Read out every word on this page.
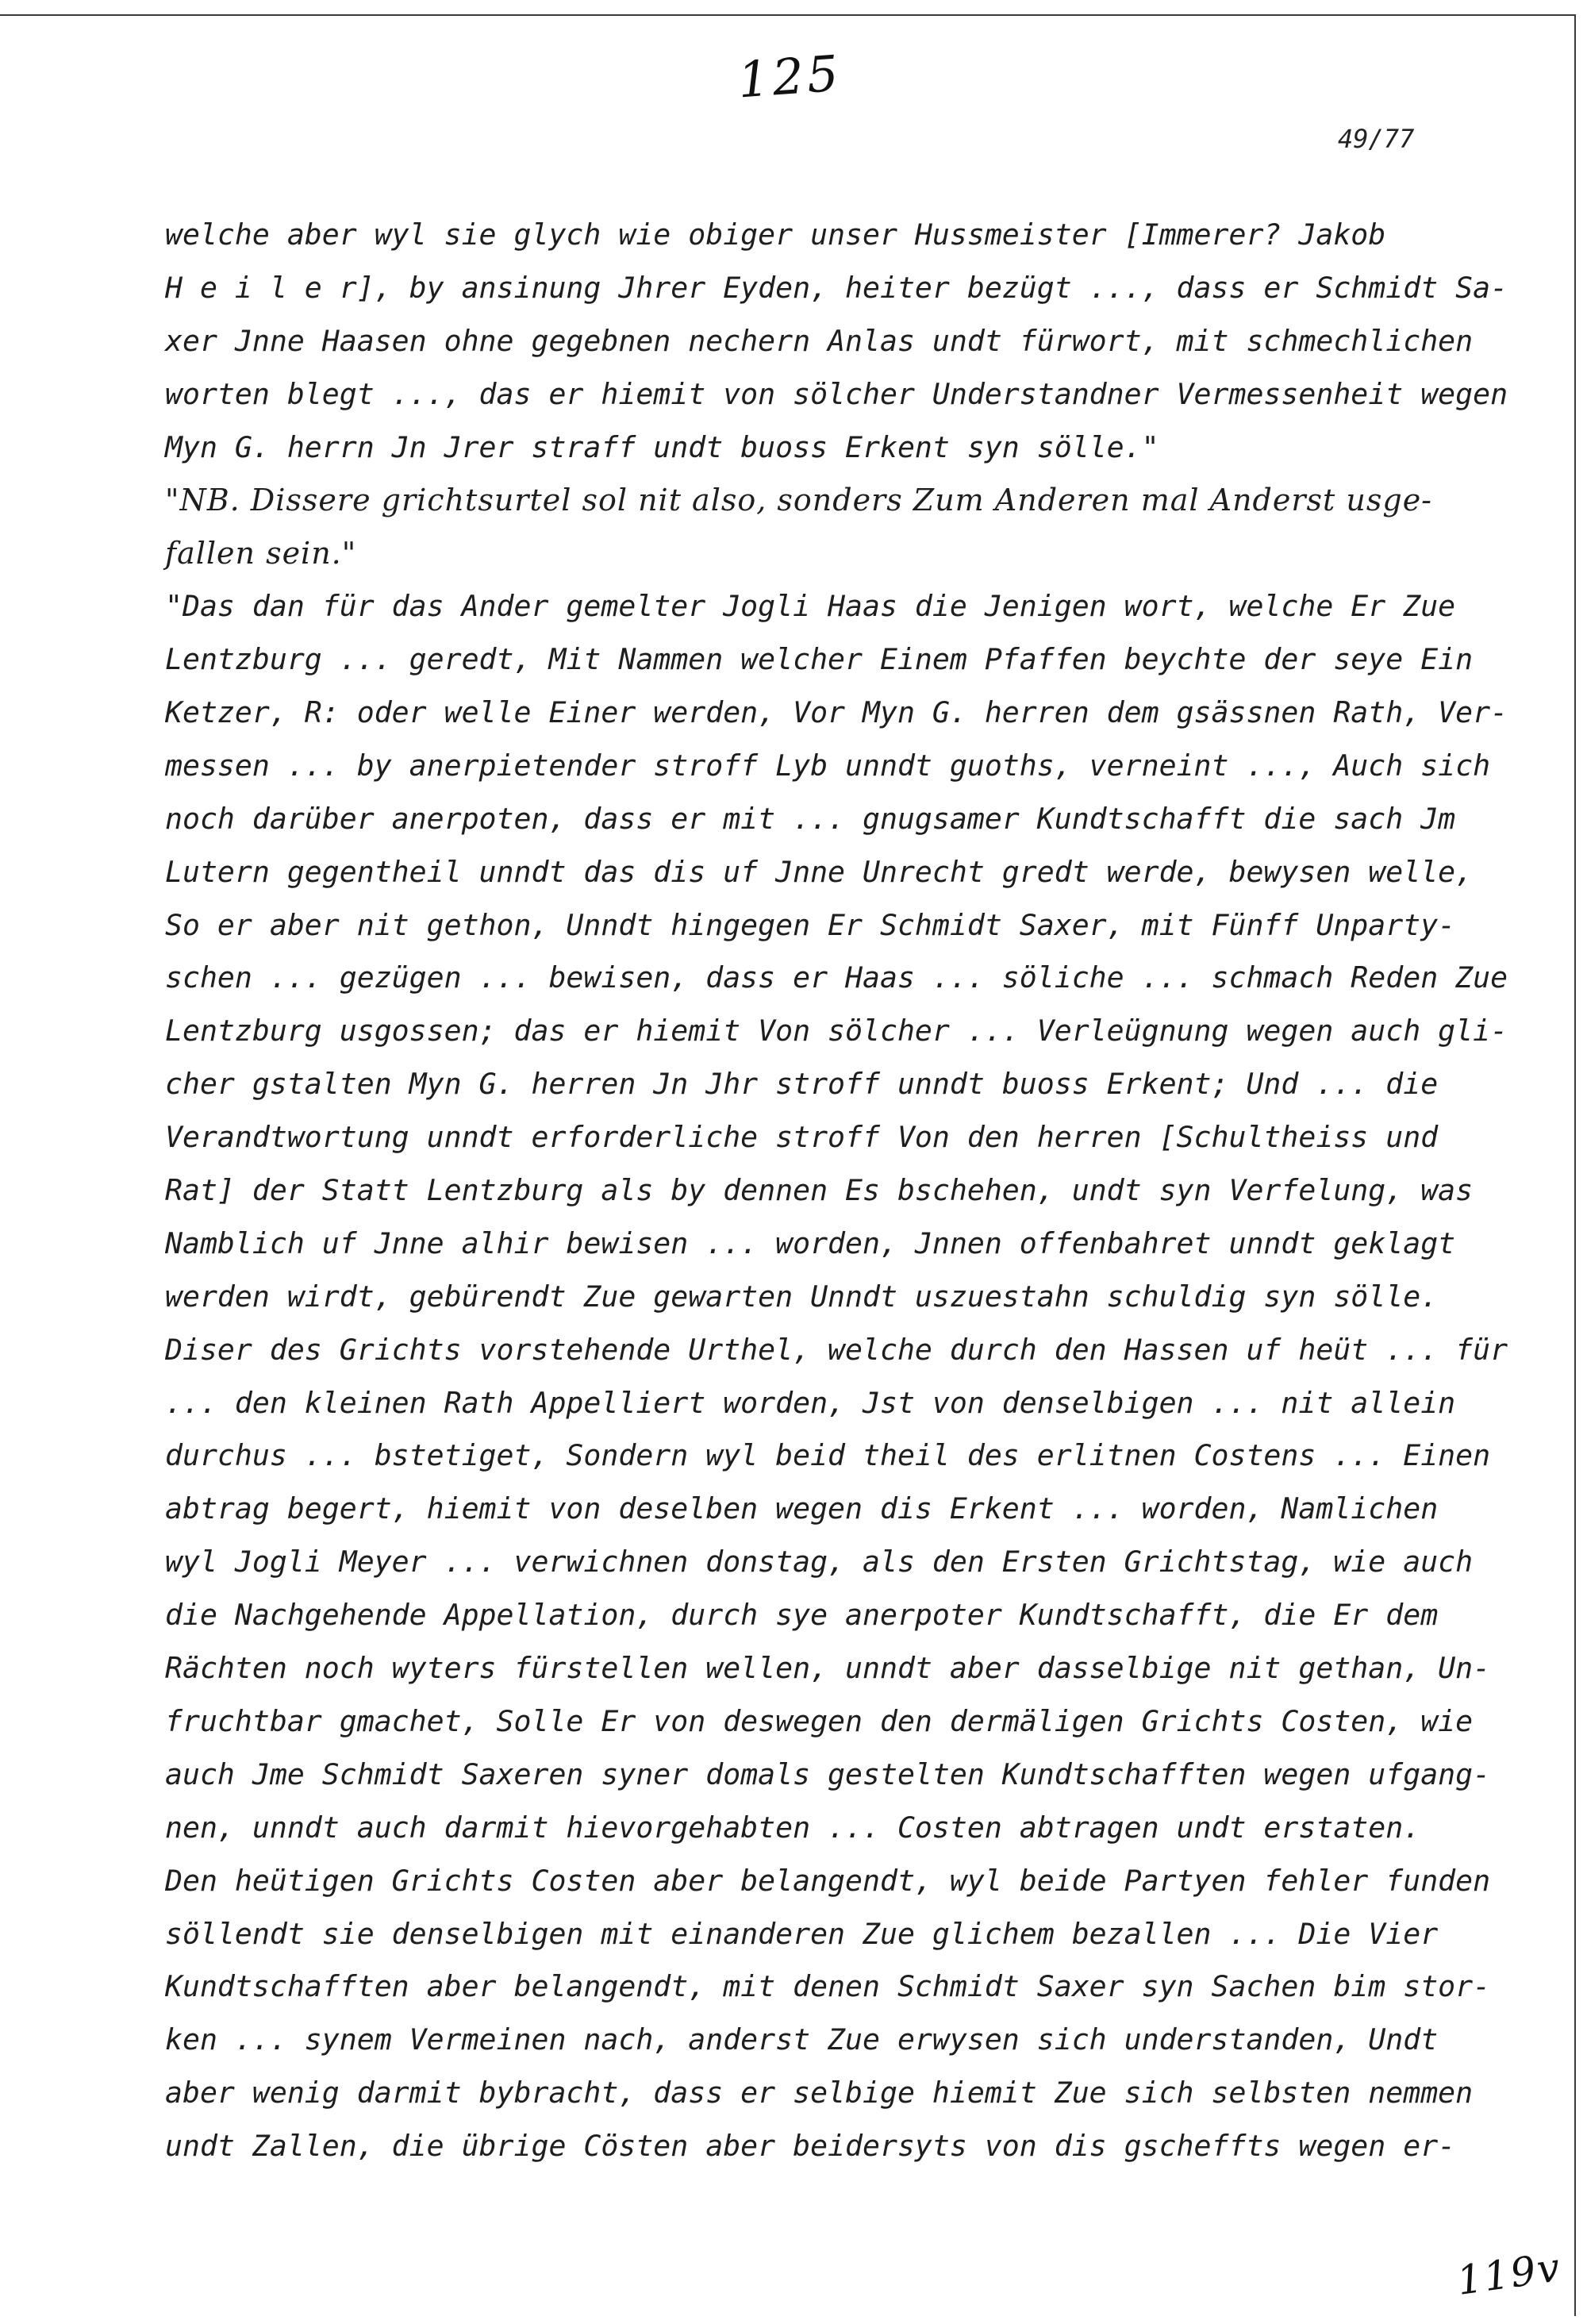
125
49/77
welche aber wyl sie glych wie obiger unser Hussmeister [Immerer? Jakob
H e i l e r], by ansinung Jhrer Eyden, heiter bezügt ..., dass er Schmidt Sa-
xer Jnne Haasen ohne gegebnen nechern Anlas undt fürwort, mit schmechlichen
worten blegt ..., das er hiemit von sölcher Understandner Vermessenheit wegen
Myn G. herrn Jn Jrer straff undt buoss Erkent syn sölle."
"NB. Dissere grichtsurtel sol nit also, sonders Zum Anderen mal Anderst usge-
fallen sein."
"Das dan für das Ander gemelter Jogli Haas die Jenigen wort, welche Er Zue
Lentzburg ... geredt, Mit Nammen welcher Einem Pfaffen beychte der seye Ein
Ketzer, R: oder welle Einer werden, Vor Myn G. herren dem gsässnen Rath, Ver-
messen ... by anerpietender stroff Lyb unndt guoths, verneint ..., Auch sich
noch darüber anerpoten, dass er mit ... gnugsamer Kundtschafft die sach Jm
Lutern gegentheil unndt das dis uf Jnne Unrecht gredt werde, bewysen welle,
So er aber nit gethon, Unndt hingegen Er Schmidt Saxer, mit Fünff Unparty-
schen ... gezügen ... bewisen, dass er Haas ... söliche ... schmach Reden Zue
Lentzburg usgossen; das er hiemit Von sölcher ... Verleügnung wegen auch gli-
cher gstalten Myn G. herren Jn Jhr stroff unndt buoss Erkent; Und ... die
Verandtwortung unndt erforderliche stroff Von den herren [Schultheiss und
Rat] der Statt Lentzburg als by dennen Es bschehen, undt syn Verfelung, was
Namblich uf Jnne alhir bewisen ... worden, Jnnen offenbahret unndt geklagt
werden wirdt, gebürendt Zue gewarten Unndt uszuestahn schuldig syn sölle.
Diser des Grichts vorstehende Urthel, welche durch den Hassen uf heüt ... für
... den kleinen Rath Appelliert worden, Jst von denselbigen ... nit allein
durchus ... bstetiget, Sondern wyl beid theil des erlitnen Costens ... Einen
abtrag begert, hiemit von deselben wegen dis Erkent ... worden, Namlichen
wyl Jogli Meyer ... verwichnen donstag, als den Ersten Grichtstag, wie auch
die Nachgehende Appellation, durch sye anerpoter Kundtschafft, die Er dem
Rächten noch wyters fürstellen wellen, unndt aber dasselbige nit gethan, Un-
fruchtbar gmachet, Solle Er von deswegen den dermäligen Grichts Costen, wie
auch Jme Schmidt Saxeren syner domals gestelten Kundtschafften wegen ufgang-
nen, unndt auch darmit hievorgehabten ... Costen abtragen undt erstaten.
Den heütigen Grichts Costen aber belangendt, wyl beide Partyen fehler funden
söllendt sie denselbigen mit einanderen Zue glichem bezallen ... Die Vier
Kundtschafften aber belangendt, mit denen Schmidt Saxer syn Sachen bim stor-
ken ... synem Vermeinen nach, anderst Zue erwysen sich understanden, Undt
aber wenig darmit bybracht, dass er selbige hiemit Zue sich selbsten nemmen
undt Zallen, die übrige Cösten aber beidersyts von dis gscheffts wegen er-
119v
